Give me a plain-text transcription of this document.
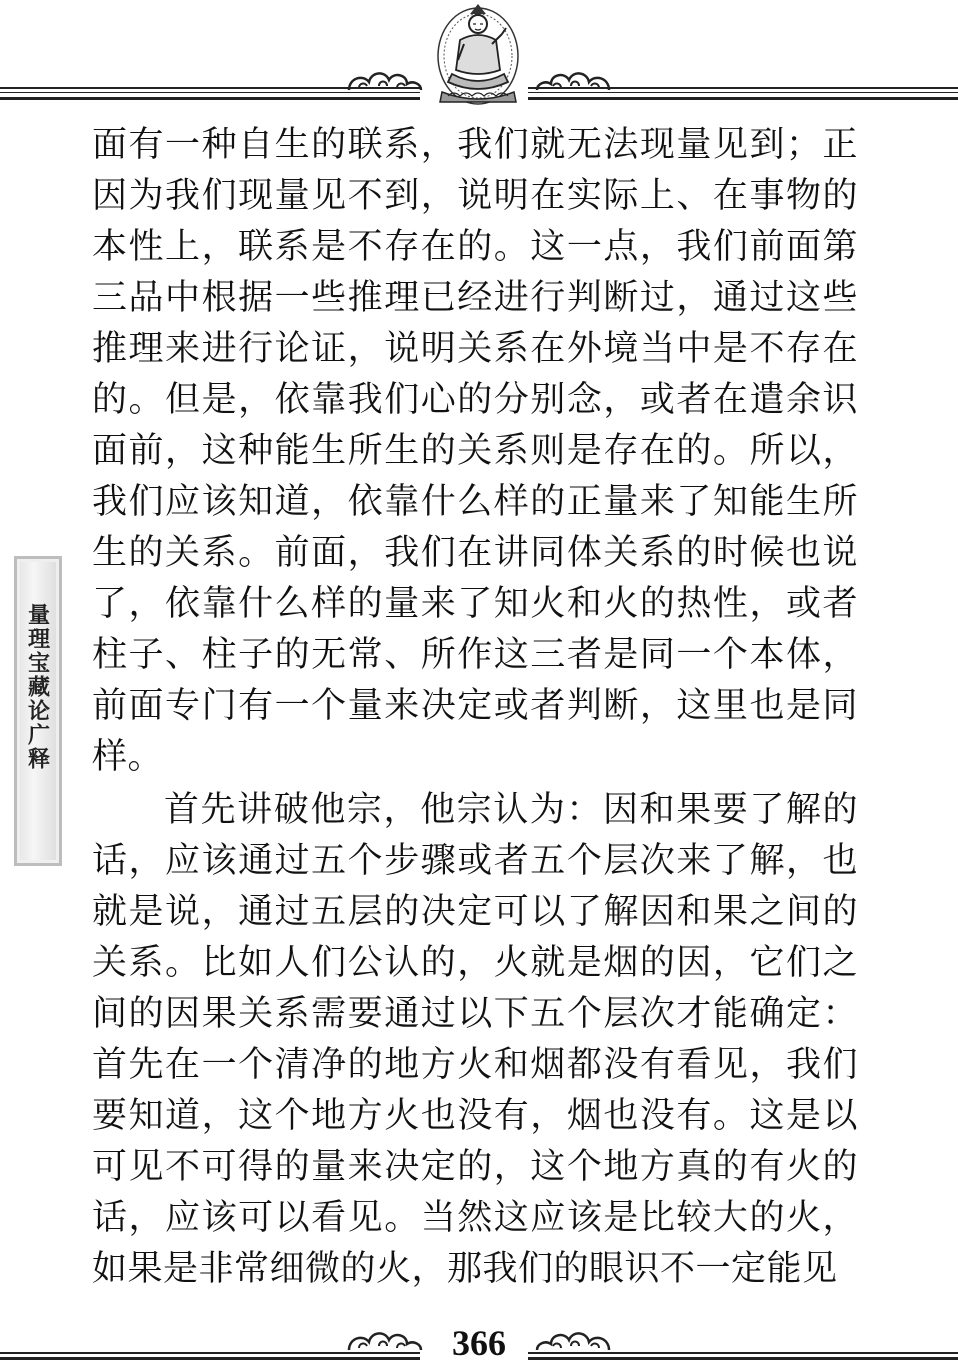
量理宝藏论广释

面有一种自生的联系，我们就无法现量见到；正因为我们现量见不到，说明在实际上、在事物的本性上，联系是不存在的。这一点，我们前面第三品中根据一些推理已经进行判断过，通过这些推理来进行论证，说明关系在外境当中是不存在的。但是，依靠我们心的分别念，或者在遣余识面前，这种能生所生的关系则是存在的。所以，我们应该知道，依靠什么样的正量来了知能生所生的关系。前面，我们在讲同体关系的时候也说了，依靠什么样的量来了知火和火的热性，或者柱子、柱子的无常、所作这三者是同一个本体，前面专门有一个量来决定或者判断，这里也是同样。

首先讲破他宗，他宗认为：因和果要了解的话，应该通过五个步骤或者五个层次来了解，也就是说，通过五层的决定可以了解因和果之间的关系。比如人们公认的，火就是烟的因，它们之间的因果关系需要通过以下五个层次才能确定：首先在一个清净的地方火和烟都没有看见，我们要知道，这个地方火也没有，烟也没有。这是以可见不可得的量来决定的，这个地方真的有火的话，应该可以看见。当然这应该是比较大的火，如果是非常细微的火，那我们的眼识不一定能见

366
